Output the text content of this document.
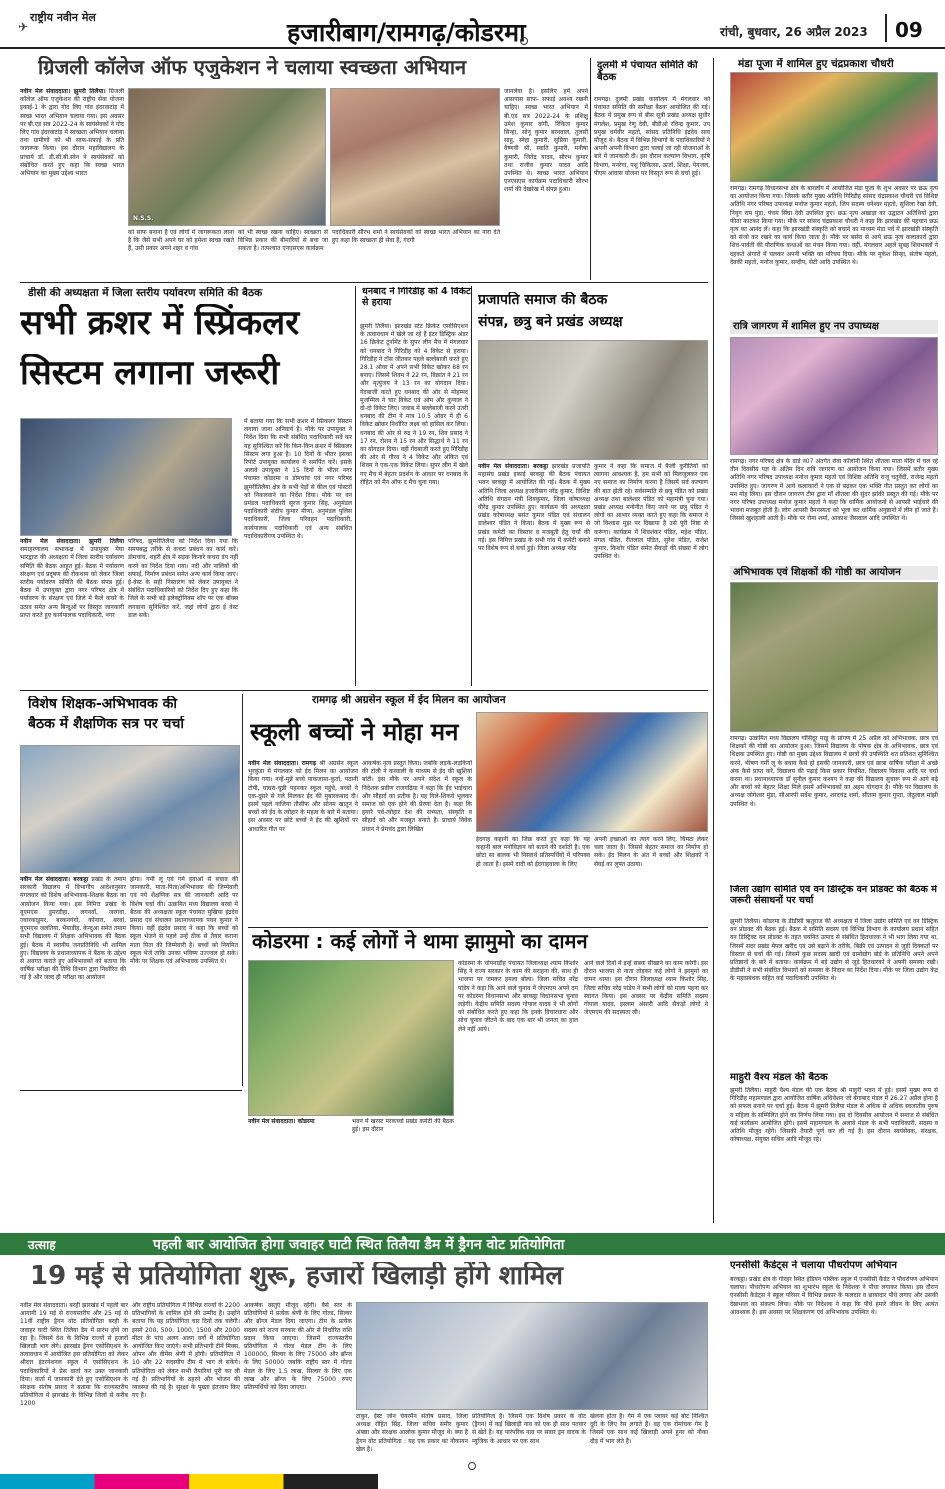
✈
राष्ट्रीय नवीन मेल
हजारीबाग/रामगढ़/कोडरमा	रांची, बुधवार, 26 अप्रैल 2023 09
ग्रिजली कॉलेज ऑफ एजुकेशन ने चलाया स्वच्छता अभियान
नवीन मेल संवाददाता। झुमरी तिलैया। ग्रिजली कॉलेज ऑफ एजुकेशन की राष्ट्रीय सेवा योजना इकाई-1 के द्वारा गोद लिए गांव इंदरवाटांड़ में स्वच्छ भारत अभियान चलाया गया। इस अवसर पर बी.एड सत्र 2022-24 के स्वयंसेवकों ने गोद लिए गांव इंदरवाटांड़ में स्वच्छता अभियान चलाया तथा ग्रामीणों को भी साफ-सफाई के प्रति जागरूक किया। इस दौरान महाविद्यालय के प्राचार्य डॉ. डी.सी.बी.स्वेन ने स्वयंसेवकों को संबोधित करते हुए कहा कि स्वच्छ भारत अभियान का मुख्य उद्देश्य भारत
N.S.S.
को साफ बनाना है एवं लोगों में जागरूकता लाना है कि जैसे सभी अपने घर को हमेशा स्वच्छ रखते हैं, उसी प्रकार अपने शहर व गांव
को भी स्वच्छ रखना चाहिए। स्वच्छता से विभिन्न प्रकार की बीमारियों से बचा जा सकता है। तत्पश्चात एनएसएस कार्यक्रम
पदाधिकारी सौरभ शर्मा ने स्वयंसेवकों को स्वच्छ भारत अभियान का नारा देते हुए कहा कि स्वच्छता ही सेवा है, गंदगी
जानलेवा है। इसलिए हमें अपने आसपास साफ- सफाई अवश्य रखनी चाहिए। स्वच्छ भारत अभियान में बी.एड सत्र 2022-24 के प्रशिक्षु उमेश कुमार दांगी, रिंकिता कुमार सिन्हा, सोनू कुमार बरनवाल, तुलसी साहु, स्नेहा कुमारी, सुप्रिया कुमारी, वैष्णवी श्री, स्वाति कुमारी, मनीषा कुमारी, जितेंद्र यादव, सौरभ कुमार तथा राजीव कुमार यादव आदि उपस्थित थे। स्वच्छ भारत अभियान एनएसएस कार्यक्रम पदाधिकारी सौरभ शर्मा की देखरेख में संपन्न हुआ।
दुलमी में पंचायत समिति की बैठक
रामगढ़। दुलमी प्रखंड कार्यालय में मंगलवार को पंचायत समिति की समीक्षा बैठक आयोजित की गई। बैठक में प्रमुख रूप से बीस सूत्री प्रखंड अध्यक्ष सुधीर मंगलेश, प्रमुख रेणु देवी, बीडीओ रविन्द्र कुमार, उप प्रमुख धर्मवीर महतो, सांसद प्रतिनिधि इंद्रदेव साव मौजूद थे। बैठक में विभिन्न विभागों के पदाधिकारियों ने अपनी अपनी विभाग द्वारा चलाई जा रही योजनाओं के बारे में जानकारी दी। इस दौरान कल्याण विभाग, कृषि विभाग, मनरेगा, पशु चिकित्सा, ऊर्जा, शिक्षा, पेयजल, पीएम आवास योजना पर विस्तृत रूप से चर्चा हुई।
मंडा पूजा में शामिल हुए चंद्रप्रकाश चौधरी
रामगढ़। रामगढ़ विधानसभा क्षेत्र के बारलोंग में आयोजित मंडा पूजा के शुभ अवसर पर छऊ नृत्य का आयोजन किया गया। जिसके बतौर मुख्य अतिथि गिरिडीह सांसद चंद्रप्रकाश चौधरी एवं विशिष्ट अतिथि नगर परिषद उपाध्यक्ष मनोज कुमार महतो, जिप सदस्य धनेश्वर महतो, सुशिला रेखा देवी, नियुग राम मुंडा, पंचम सिंघा देवी उपस्थित हुए। छऊ नृत्य अखाड़ा का उद्घाटन अतिथियों द्वारा फीता काटकर किया गया। मौके पर सांसद चंद्रप्रकाश चौधरी ने कहा कि झारखंड की पहचान छऊ नृत्य का आनंद लें। कहा कि झारखंडी संस्कृति को बचाने का माध्यम मंडा पर्व में झारखंडी संस्कृति को संजो कर रखने का कार्य किया जाता है। मौके पर बर्सरा से आये छऊ नृत्य कलाकारों द्वारा शिव-पार्वती की पौराणिक कथाओं का मंचन किया गया। वहीं, मंगलवार अहले सुबह शिवभक्तों ने दहकते अंगारों में चलकर अपनी भक्ति का परिचय दिया। मौके पर मुकेश सिन्हा, संतोष महतो, देवकी महतो, मनोज कुमार, सन्दीप, सेटी आदि उपस्थित थे।
रात्रि जागरण में शामिल हुए नप उपाध्यक्ष
रामगढ़। नगर परिषद क्षेत्र के वार्ड न07 अंतर्गत रोवा कॉलोनी स्थित शीतला माता मंदिर में चल रहे तीन दिवसीय यज्ञ के अंतिम दिन रात्रि जागरण का आयोजन किया गया। जिसमें बतौर मुख्य अतिथि नगर परिषद उपाध्यक्ष मनोज कुमार महतो एवं विशिष्ट अतिथि राजू चतुर्वेदी, राजेन्द्र महतो उपस्थित हुए। जागरण में आये कलाकारों ने एक से बढ़कर एक भक्ति गीत प्रस्तुत कर लोगों का मन मोह लिया। इस दौरान जागरण टीम द्वारा माँ शीतला की सुंदर झांकी प्रस्तुत की गई। मौके पर नगर परिषद उपाध्यक्ष मनोज कुमार महतो ने कहा कि धार्मिक आयोजनों से आपसी भाईचारे की भावना मजबूत होती है। लोग आपसी वैमनस्यता को भूला कर धार्मिक अनुष्ठानों में लीन हो जाते हैं। जिससे खुशहाली आती है। मौके पर रोमा शर्मा, आकाश जैसवाल आदि उपस्थित थे।
अभिभावक एवं शिक्षकों की गोष्ठी का आयोजन
रामगढ़। उत्क्रमित मध्य विद्यालय गोसिंदूर माडू के प्रांगण में 25 अप्रैल को अभिभावक, छात्र एवं शिक्षकों की गोष्ठी का आयोजन हुआ। जिसमें विद्यालय के पोषक क्षेत्र के अभिभावक, छात्र एवं शिक्षक उपस्थित हुए। गोष्ठी का मुख्य उद्देश्य विद्यालय में छात्रों की उपस्थिति शत प्रतिशत सुनिश्चित करने, भीषण गर्मी लू के बचाव कैसे हो इसकी जानकारी, छात्र एवं छात्रा वार्षिक परीक्षा में अच्छे अंक कैसे प्राप्त करें, विद्यालय की पढ़ाई किस प्रकार नियमित, विद्यालय विकास आदि पर चर्चा करना था। प्रधानाध्यापक डॉ सुनील कुमार कश्यप ने कहा की विद्यालय सुचारू रूप से आगे बढ़े और बच्चों को बेहतर शिक्षा मिले इसमें अभिभावकों का अहम योगदान है। मौके पर विद्यालय के अध्यक्ष जोगेश्वर मुंडा, सीआरपी सर्वेश कुमार, शरदचंद्र शर्मा, सीताम कुमार गुप्ता, जेठुलाल मांझी उपस्थित थे।
जिला उद्योग समिति एवं वन डिस्ट्रिक वन प्रोडक्ट की बैठक में जरूरी संसाधनों पर चर्चा
झुमरी तिलैया। कोडरमा के डीडीसी ऋतुराज की अध्यक्षता में जिला उद्योग समिति एवं वन डिस्ट्रिक वन प्रोडक्ट की बैठक हुई। बैठक में समिति सदस्य एवं विभिन्न विभाग के कार्यालय प्रधान सहित वन डिस्ट्रिक्ट वन प्रोडक्ट के तहत चयनित उत्पाद से संबंधित हितधारक ने भी भाग लिया गया था, जिसमें सदर प्रखंड मेपल खरीद एवं उसे बढ़ाने के तरीके, बिक्री एवं उत्पादन से जुड़ी दिक्कतों पर विस्तार से चर्चा की गई। जिसमें कुछ सदस्य खादी एवं ग्रामोद्योग बोर्ड के प्रतिनिधि अपने अपने प्रतिष्ठानों के बारे में बताया। कार्यक्रम में बड़े उद्योग से जुड़े हितधारकों ने अपनी समस्या रखी। डीडीसी ने सभी संबंधित विभागों को समस्या के निदान का निर्देश दिया। मौके पर जिला उद्योग केंद्र के महाप्रबंधक सहित कई पदाधिकारी उपस्थित थे।
माहुरी वैश्य मंडल की बैठक
झुमरी तिलैया। माहुरी वैश्य मंडल की एक बैठक श्री माहुरी भवन में हुई। इसमें मुख्य रूप से गिरिडीह महामण्डल द्वारा आयोजित वार्षिक अधिवेशन जो बेंगाबाद मंडल में 26.27 अप्रैल होना है को सफल बनाने पर चर्चा हुई। बैठक में झुमरी तिलैया मंडल से अधिक से अधिक स्वजातीय पुरुष व महिला के सम्मिलित होने का निर्णय लिया गया। इस दो दिवसीय आयोजन में समाज से संबंधित कई कार्यक्रम आयोजित होंगे। इसमें महामण्डल के अलावे मंडल के सभी पदाधिकारी, सदस्य व अतिथि मौजूद रहेंगे। जिसकी तैयारी पूर्ण कर ली गई है। इस दौरान स्वयंसेवक, संरक्षक, कोषाध्यक्ष, संयुक्त सचिव आदि मौजूद रहे।
एनसीसी कैडेट्स ने चलाया पौधरोपण अभियान
बरकट्ठा। प्रखंड क्षेत्र के गोरहर स्थित इंडियन पब्लिक स्कूल में एनसीसी कैडेट ने पौधरोपण अभियान चलाया। पौधरोपण अभियान का शुभारंभ स्कूल के निदेशक ने पौधा लगाकर किया। इस दौरान एनसीसी कैडेट्स ने स्कूल परिसर में विभिन्न प्रकार के फलदार व छायादार पौधे लगाए और उसकी देखभाल का संकल्प लिया। मौके पर निदेशक ने कहा कि पौधे हमारे जीवन के लिए अत्यंत आवश्यक हैं। इस अवसर पर शिक्षकगण एवं अभिभावक उपस्थित थे।
डीसी की अध्यक्षता में जिला स्तरीय पर्यावरण समिति की बैठक
सभी क्रशर में स्प्रिंकलर
सिस्टम लगाना जरूरी
नवीन मेल संवाददाता। झुमरी तिलैया समाहरणालय सभाकक्ष में उपायुक्त मेघा भारद्वाज की अध्यक्षता में जिला स्तरीय पर्यावरण समिति की बैठक आहूत हुई। बैठक में पर्यावरण संरक्षण एवं प्रदूषण की रोकथाम को लेकर जिला स्तरीय पर्यावरण समिति की बैठक संपन्न हुई। बैठक में उपायुक्त द्वारा नगर परिषद क्षेत्र में पर्यावरण के संरक्षण एवं जिले में फैले कचरे के उठाव समेत अन्य बिन्दुओं पर विस्तृत जानकारी प्राप्त करते हुए कार्यपालक पदाधिकारी, नगर
परिषद, झुमरीतिलैया को निर्देश दिया गया कि समयबद्ध तरीके से कचरा प्रबंधन का कार्य करें। डोमचांच, शहरी क्षेत्र में सड़क किनारे कचरा डंप नहीं करने का निर्देश दिया गया। नदी और नालियों की सफाई, निर्माण प्रबंधन समेत अन्य कार्य किया जाए। ई-वेस्ट के सही निस्तारण को लेकर उपायुक्त ने संबंधित पदाधिकारियों को निर्देश दिए हुए कहा कि जिले के सभी बड़े इलेक्ट्रोनिक्स शॉप पर एक बॉक्स लगवाना सुनिश्चित करें, जहां लोगों द्वारा ई वेस्ट डाल सकें।
में बताया गया कि सभी क्रशर में स्प्रिंकलर सिस्टम लगाया जाना अनिवार्य है। मौके पर उपायुक्त ने निर्देश दिया कि सभी संबंधित पदाधिकारी सर्वे कर यह सुनिश्चित करें कि किन-किन क्रशर में स्प्रिंकलर सिस्टम लगा हुआ है। 10 दिनों के भीतर इसका रिपोर्ट उपायुक्त कार्यालय में समर्पित करें। इसके अलावे उपायुक्त ने 15 दिनों के भीतर नगर पंचायत कोडरमा व डोमचांच एवं नगर परिषद झुमरीतिलैया क्षेत्र के सभी पेड़ों से कील एवं पोस्टरों को निकलवाने का निर्देश दिया। मौके पर वन प्रमंडल पदाधिकारी सूरज कुमार सिंह, अनुमंडल पदाधिकारी संदीप कुमार मीणा, अनुमंडल पुलिस पदाधिकारी, जिला परिवहन पदाधिकारी, कार्यपालक पदाधिकारी एवं अन्य संबंधित पदाधिकारीगण उपस्थित थे।
धनबाद ने गिरिडीह को 4 विकेट से हराया
झुमरी तिलैया। झारखंड स्टेट क्रिकेट एसोसिएशन के तत्वावधान में खेले जा रहे हैं इंटर डिस्ट्रिक अंडर 16 क्रिकेट टूर्नामेंट के सुपर लीग मैच में मंगलवार को धनबाद ने गिरिडीह को 4 विकेट से हराया। गिरिडीह ने टॉस जीतकर पहले बल्लेबाजी करते हुए 28.1 ओवर में अपने सभी विकेट खोकर 88 रन बनाए। जिसमें शिवम ने 22 रन, विक्रांत ने 21 रन और मृत्युंजय ने 13 रन का योगदान दिया। गेंदबाजी करते हुए धनबाद की ओर से मोहम्मद मुजम्मिल ने चार विकेट एवं ओम और कुणाल ने दो-दो विकेट लिए। जवाब में बल्लेबाजी करने उतरी धनबाद की टीम ने मात्र 10.5 ओवर में ही 6 विकेट खोकर निर्धारित लक्ष्य को हासिल कर लिया। धनबाद की ओर से रुद्र ने 19 रन, शिव प्रसाद ने 17 रन, रोशन ने 15 रन और सिद्धार्थ ने 11 रन का योगदान दिया। वहीं गेंदबाजी करते हुए गिरिडीह की ओर से गौरव ने 4 विकेट और अंकित एवं शिवम ने एक-एक विकेट लिया। सुपर लीग में खेले गए मैच में बेहतर प्रदर्शन के आधार पर धनबाद के रोहित को मैन ऑफ द मैच चुना गया।
प्रजापति समाज की बैठक
संपन्न, छत्रु बने प्रखंड अध्यक्ष
नवीन मेल संवाददाता। बरकट्ठा झारखंड प्रजापति महासंघ प्रखंड इकाई बरकट्ठा की बैठक पंचायत भवन बरकट्ठा में आयोजित की गई। बैठक में मुख्य अतिथि जिला अध्यक्ष हजारीबाग नरेंद्र कुमार, विशिष्ट अतिथि संगठन मंत्री शिवकुमार, जिला कोषाध्यक्ष वीरेंद्र कुमार उपस्थित हुए। कार्यक्रम की अध्यक्षता प्रखंड कोषाध्यक्ष बसंत कुमार पंडित एवं संचालन डालेश्वर पंडित ने किया। बैठक में मुख्य रूप से प्रखंड कमेटी का विस्तार व मजबूती हेतु चर्चा की गई। इस निमित्त प्रखंड के सभी गांव में कमेटी बनाने पर विशेष रूप से चर्चा हुई। जिला अध्यक्ष नरेंद्र
कुमार ने कहा कि समाज में फैली कुरीतियों को त्यागना आवश्यक है, हम सभी को मिलजुलकर एक नए समाज का निर्माण करना है जिसमें सर्व कल्याण की बात होती रहे। सर्वसम्मति से छत्रु पंडित को प्रखंड अध्यक्ष तथा बालेश्वर पंडित को महामंत्री चुना गया। प्रखंड अध्यक्ष मनोनीत किए जाने पर छत्रु पंडित ने लोगों का आभार व्यक्त करते हुए कहा कि समाज ने जो विश्वास मुझ पर दिखाया है उसे पूरी निष्ठा से करूंगा। कार्यक्रम में शिवशंकर पंडित, महेश पंडित, मंगल पंडित, रीतलाल पंडित, सुरेश पंडित, राजेश कुमार, किशोर पंडित समेत सैकड़ों की संख्या में लोग उपस्थित थे।
विशेष शिक्षक-अभिभावक की
बैठक में शैक्षणिक सत्र पर चर्चा
नवीन मेल संवाददाता। बरकट्ठा प्रखंड के तमाम सरकारी विद्यालय में विभागीय आदेशानुसार मंगलवार को विशेष अभिभावक-शिक्षक बैठक का आयोजन किया गया। इस निमित्त प्रखंड के यूएमएस डुमरडीहा, लगनवाँ, जरगवा, ज्वारकाडुमर, बरकनगंगो, कोनारा, बरवां, यूएमएस जलतिया, भैयाडीह, केन्दुआ समेत तमाम सभी विद्यालय में शिक्षक अभिभावक की बैठक हुई। बैठक में स्थानीय जनप्रतिनिधि भी शामिल हुए। विद्यालय के प्रधानाध्यापक ने बैठक के उद्देश्य से अवगत कराते हुए अभिभावकों को बताया कि वार्षिक परीक्षा की तिथि विभाग द्वारा निर्धारित की गई है और जल्द ही परीक्षा का आयोजन
होगा। गर्मी लू एवं गर्म हवाओं से बचाव की जानकारी, माता-पिता/अभिभावक की जिम्मेवारी एवं नये शैक्षणिक सत्र की जानकारी आदि पर विशेष चर्चा की। उत्क्रमित मध्य विद्यालय बरवां में बैठक की अध्यक्षता स्कूल पंचायत मुखिया इंद्रदेव प्रसाद एवं संचालन प्रधानाध्यापक पवन कुमार ने किया। वहीं इंद्रदेव प्रसाद ने कहा कि बच्चों को स्कूल भेजने से पहले उन्हें ठीक से तैयार कराना माता पिता की जिम्मेवारी है। बच्चों को नियमित स्कूल भेजें ताकि उनका भविष्य उज्ज्वल हो सके। मौके पर शिक्षक एवं अभिभावक उपस्थित थे।
रामगढ़ श्री अग्रसेन स्कूल में ईद मिलन का आयोजन
स्कूली बच्चों ने मोहा मन
नवीन मेल संवाददाता। रामगढ़ श्री अग्रसेन स्कूल भुरकुंडा में मंगलवार को ईद मिलन का आयोजन किया गया। नन्हें-मुन्नें बच्चे पाकजामा-कुर्ता, पठानी टोपी, घाघरा-चुन्नी पहनकर स्कूल पहुंचे, बच्चों ने एक-दूसरे से गले मिलकर ईद की मुबारकबाद दी। इसमें पहले नाजिया तौसीफ और सोनम खातून ने बच्चों को ईद के त्योहार के महत्व के बारे में बताया। इस अवसर पर छोटे बच्चों ने ईद की खुशियों पर आधारित गीत पर
आकर्षक नृत्य प्रस्तुत किया। जबकि लड़के-लड़कियों की टोली ने कव्वाली के माध्यम से ईद की खुशियां बांटी। इस मौके पर अपने संदेश में स्कूल के निदेशक प्रवीण राजगढ़िया ने कहा कि ईद भाईचारा और सौहार्द का प्रतीक है। यह गिले-शिकवे भूलकर समाज को एक होने की प्रेरणा देता है। कहा कि हमारे पर्व-त्योहार देश की सभ्यता, संस्कृति व सौहार्द को और मजबूत बनाते हैं। प्राचार्य विवेक प्रधान ने प्रेमचंद द्वारा लिखित
ईदगाह कहानी का जिक्र करते हुए कहा कि यह कहानी बाल मनोविज्ञान को बताने की दर्शाती है। एक छोटा सा बालक भी निस्वार्थ प्रतिस्पर्धियों में परिपक्व हो जाता है। इसमें दादी को ईदगाहवाला के लिए
अपनी इच्छाओं का त्याग करने लिए, चिमटा लेकर चला जाता है। जिससे बेहतर समाज का निर्माण हो सके। ईद मिलन के अंत में बच्चों और शिक्षकों ने सेवई का लुफ्त उठाया।
कोडरमा : कई लोगों ने थामा झामुमो का दामन
नवीन मेल संवाददाता। कोडरमा	भवन में खरस्ट मरकच्चो प्रखंड कमेटी की बैठक हुई। इस दौरान
कोडरमा के चोपनाडीह पंचायत जिलाध्यक्ष श्याम किशोर सिंह ने राज्य सरकार के काम की सराहना की, साथ ही भाजपा पर जमकर हमला बोला। जिला सचिव नरेंद्र पांडेय ने कहा कि आने वाले चुनाव में जेएमएम अपने दम पर कोडरमा विधानसभा और बरकट्ठा विधानसभा चुनाव लड़ेगी। केंद्रीय समिति सदस्य गोपाल यादव ने भी लोगों को संबोधित करते हुए कहा कि इनके विचारधारा और सोच चुनाव जीतने के बाद एक बार भी जनता का हाल लेने नहीं आये।
आने वाले दिनों में इन्हें सबक सीखाने का काम करेगी। इस दौरान भाजपा से नाता तोड़कर कई लोगों ने झामुमो का दामन थामा। इस दौरान जिलाध्यक्ष श्याम किशोर सिंह, जिला सचिव नरेंद्र पांडेय ने सभी लोगों को माला पहना कर स्वागत किया। इस अवसर पर केंद्रीय समिति सदस्य गोपाल यादव, इस्लाम अंसारी आदि सैकड़ों लोगों ने जेएमएम की सदस्यता ली।
उत्साह	पहली बार आयोजित होगा जवाहर घाटी स्थित तिलैया डैम में ड्रैगन वोट प्रतियोगिता
19 मई से प्रतियोगिता शुरू, हजारों खिलाड़ी होंगे शामिल
नवीन मेल संवाददाता। बरही झारखंड में पहली बार आगामी 19 मई से राज्यस्तरीय और 25 मई से 11वीं राष्ट्रीय ड्रैगन वोट प्रतियोगिता बरही के जवाहर घाटी स्थित तिलैया डैम में प्रारंभ होने जा रहा है। जिसमें देश के विभिन्न राज्यों से हजारों खिलाड़ी भाग लेंगे। झारखंड ड्रैगन एसोसिएशन के तत्वावधान में आयोजित इस प्रतियोगिता को लेकर श्रीदत्त इंटरनेशनल स्कूल में एसोसिएशन के पदाधिकारियों ने प्रेस वार्ता कर उक्त जानकारी दिया। वार्ता में जानकारी देते हुए एसोसिएशन के संरक्षक संतोष प्रसाद ने बताया कि राज्यस्तरीय प्रतियोगिता में झारखंड के विभिन्न जिलों से करीब 1200
और राष्ट्रीय प्रतियोगिता में विभिन्न राज्यों के 2200 प्रतिभागियों के शामिल होने की उम्मीद है। उन्होंने बताया कि यह प्रतियोगिता चार दिनों तक चलेगी। इसमें 200, 500, 1000, 1500 और 2000 मीटर के पांच अलग अलग वर्गों में प्रतियोगिता आयोजित किए जाएंगे। सभी प्रतिभागी टीमें मिक्स, ओपन और वीमेंस श्रेणी में होंगी। प्रतियोगिता में 10 और 22 सदस्यीय टीम में भाग ले सकेंगे। प्रतियोगिता को लेकर सभी तैयारियां पूरी कर ली गई हैं। प्रतिभागियों के ठहरने और भोजन की व्यवस्था की गई है। सुरक्षा के पुख्ता इंतजाम किए गए हैं।
आकर्षक वस्तुएं मौजूद रहेंगी। वैसे स्तर के प्रतियोगियों में प्रत्येक श्रेणी के लिए गोल्ड, सिल्वर और ब्रॉन्ज मेडल दिया जाएगा। टीम के प्रत्येक सदस्य को राज्य सरकार की ओर से निर्धारित राशि प्रदान किया जाएगा। जिसमें राज्यस्तरीय प्रतियोगिता में गोल्ड मेडल टीम के लिए 100000, सिल्वर के लिए 75000 और ब्रॉन्ज के लिए 50000 जबकि राष्ट्रीय स्तर में गोल्ड मेडल के लिए 1.5 लाख, सिल्वर के लिए एक लाख और ब्रॉन्ज के लिए 75000 रुपए प्रतिस्पर्धियों को दिया जाएगा।
टाकुर, ईस्ट जोन चेयरमैन संतोष प्रसाद, जिला अध्यक्ष रोहित सिंह, जिला सचिव समीर कुमार अंबष्ठा और संरक्षक आलोक कुमार मौजूद थे। क्या है ड्रैगन वोट प्रतियोगिता : यह एक प्रकार का नौकायन खेल है।
प्रतियोगिता है। जिसमें एक विशेष प्रकार के वोट (ड्रैगन) में कई खिलाड़ी नाव को एक ही साथ पतवार से खेते हैं। यह पारंपरिक नाव पर सवार ड्रम वादक के म्यूजिक के आधार पर एक साथ
खेलना होता है। गेम में एक प्लायर कई बोट निश्चित दूरी के लिए रेस लगाते हैं। वह एक रोमांचक गेम है जिसमें एक साथ कई खिलाड़ी अपने हुनर को नौका दौड़ में भाग लेते हैं।
